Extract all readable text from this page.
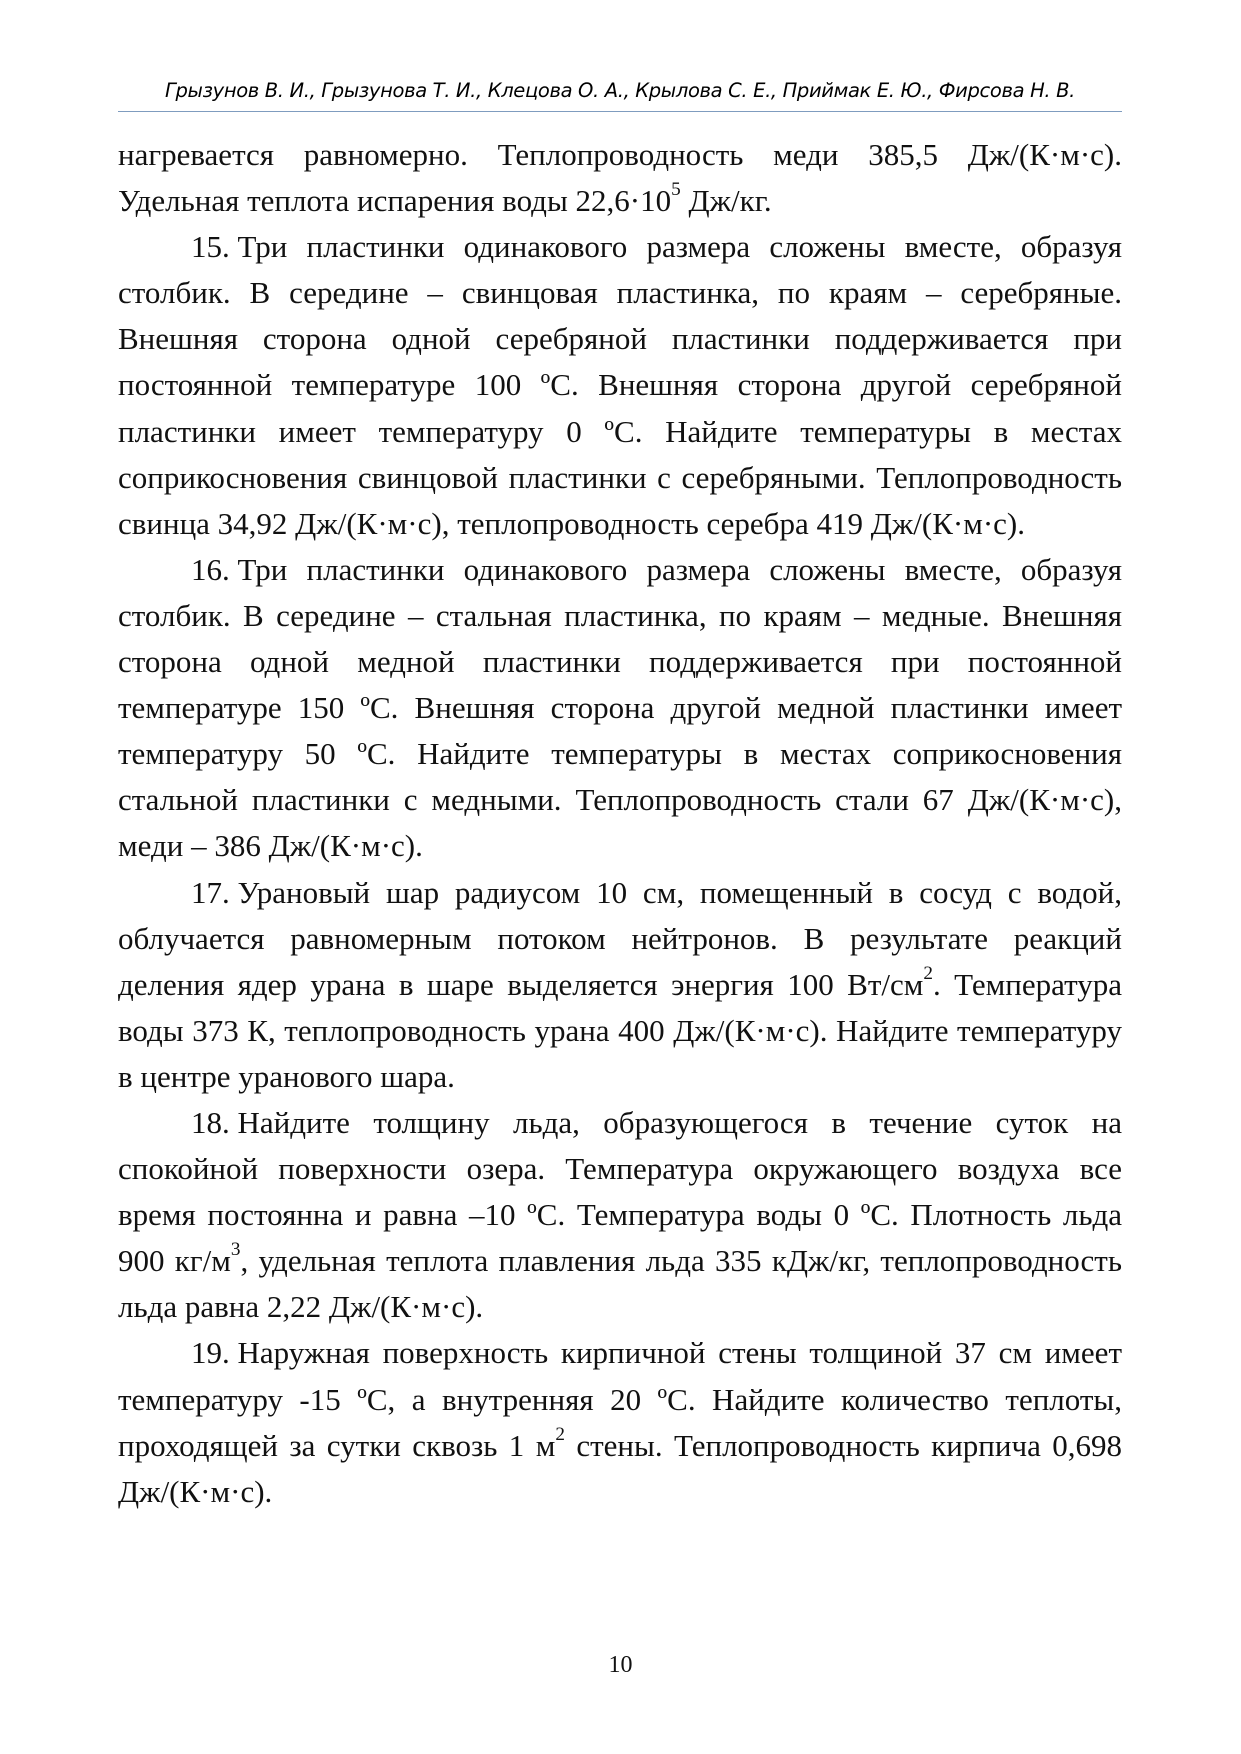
Грызунов В. И., Грызунова Т. И., Клецова О. А., Крылова С. Е., Приймак Е. Ю., Фирсова Н. В.

нагревается равномерно. Теплопроводность меди 385,5 Дж/(К·м·с). Удельная теплота испарения воды $22,6\cdot 10^5$ Дж/кг.

15. Три пластинки одинакового размера сложены вместе, образуя столбик. В середине – свинцовая пластинка, по краям – серебряные. Внешняя сторона одной серебряной пластинки поддерживается при постоянной температуре 100 ºС. Внешняя сторона другой серебряной пластинки имеет температуру 0 ºС. Найдите температуры в местах соприкосновения свинцовой пластинки с серебряными. Теплопроводность свинца 34,92 Дж/(К·м·с), теплопроводность серебра 419 Дж/(К·м·с).

16. Три пластинки одинакового размера сложены вместе, образуя столбик. В середине – стальная пластинка, по краям – медные. Внешняя сторона одной медной пластинки поддерживается при постоянной температуре 150 ºС. Внешняя сторона другой медной пластинки имеет температуру 50 ºС. Найдите температуры в местах соприкосновения стальной пластинки с медными. Теплопроводность стали 67 Дж/(К·м·с), меди – 386 Дж/(К·м·с).

17. Урановый шар радиусом 10 см, помещенный в сосуд с водой, облучается равномерным потоком нейтронов. В результате реакций деления ядер урана в шаре выделяется энергия 100 $Вт/см^2$. Температура воды 373 К, теплопроводность урана 400 Дж/(К·м·с). Найдите температуру в центре уранового шара.

18. Найдите толщину льда, образующегося в течение суток на спокойной поверхности озера. Температура окружающего воздуха все время постоянна и равна –10 ºС. Температура воды 0 ºС. Плотность льда 900 $кг/м^3$, удельная теплота плавления льда 335 кДж/кг, теплопроводность льда равна 2,22 Дж/(К·м·с).

19. Наружная поверхность кирпичной стены толщиной 37 см имеет температуру -15 ºС, а внутренняя 20 ºС. Найдите количество теплоты, проходящей за сутки сквозь 1 $м^2$ стены. Теплопроводность кирпича 0,698 Дж/(К·м·с).

10
